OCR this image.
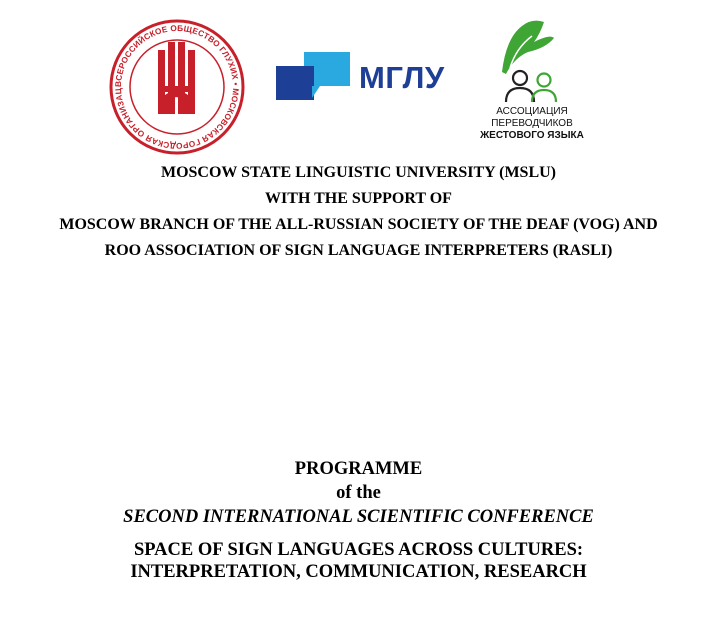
ВСЕРОССИЙСКОЕ ОБЩЕСТВО ГЛУХИХ • МОСКОВСКАЯ ГОРОДСКАЯ ОРГАНИЗАЦ	МГЛУ
АССОЦИАЦИЯ
ПЕРЕВОДЧИКОВ
ЖЕСТОВОГО ЯЗЫКА
MOSCOW STATE LINGUISTIC UNIVERSITY (MSLU)
WITH THE SUPPORT OF
MOSCOW BRANCH OF THE ALL-RUSSIAN SOCIETY OF THE DEAF (VOG) AND
ROO ASSOCIATION OF SIGN LANGUAGE INTERPRETERS (RASLI)
PROGRAMME
of the
SECOND INTERNATIONAL SCIENTIFIC CONFERENCE
SPACE OF SIGN LANGUAGES ACROSS CULTURES:
INTERPRETATION, COMMUNICATION, RESEARCH
